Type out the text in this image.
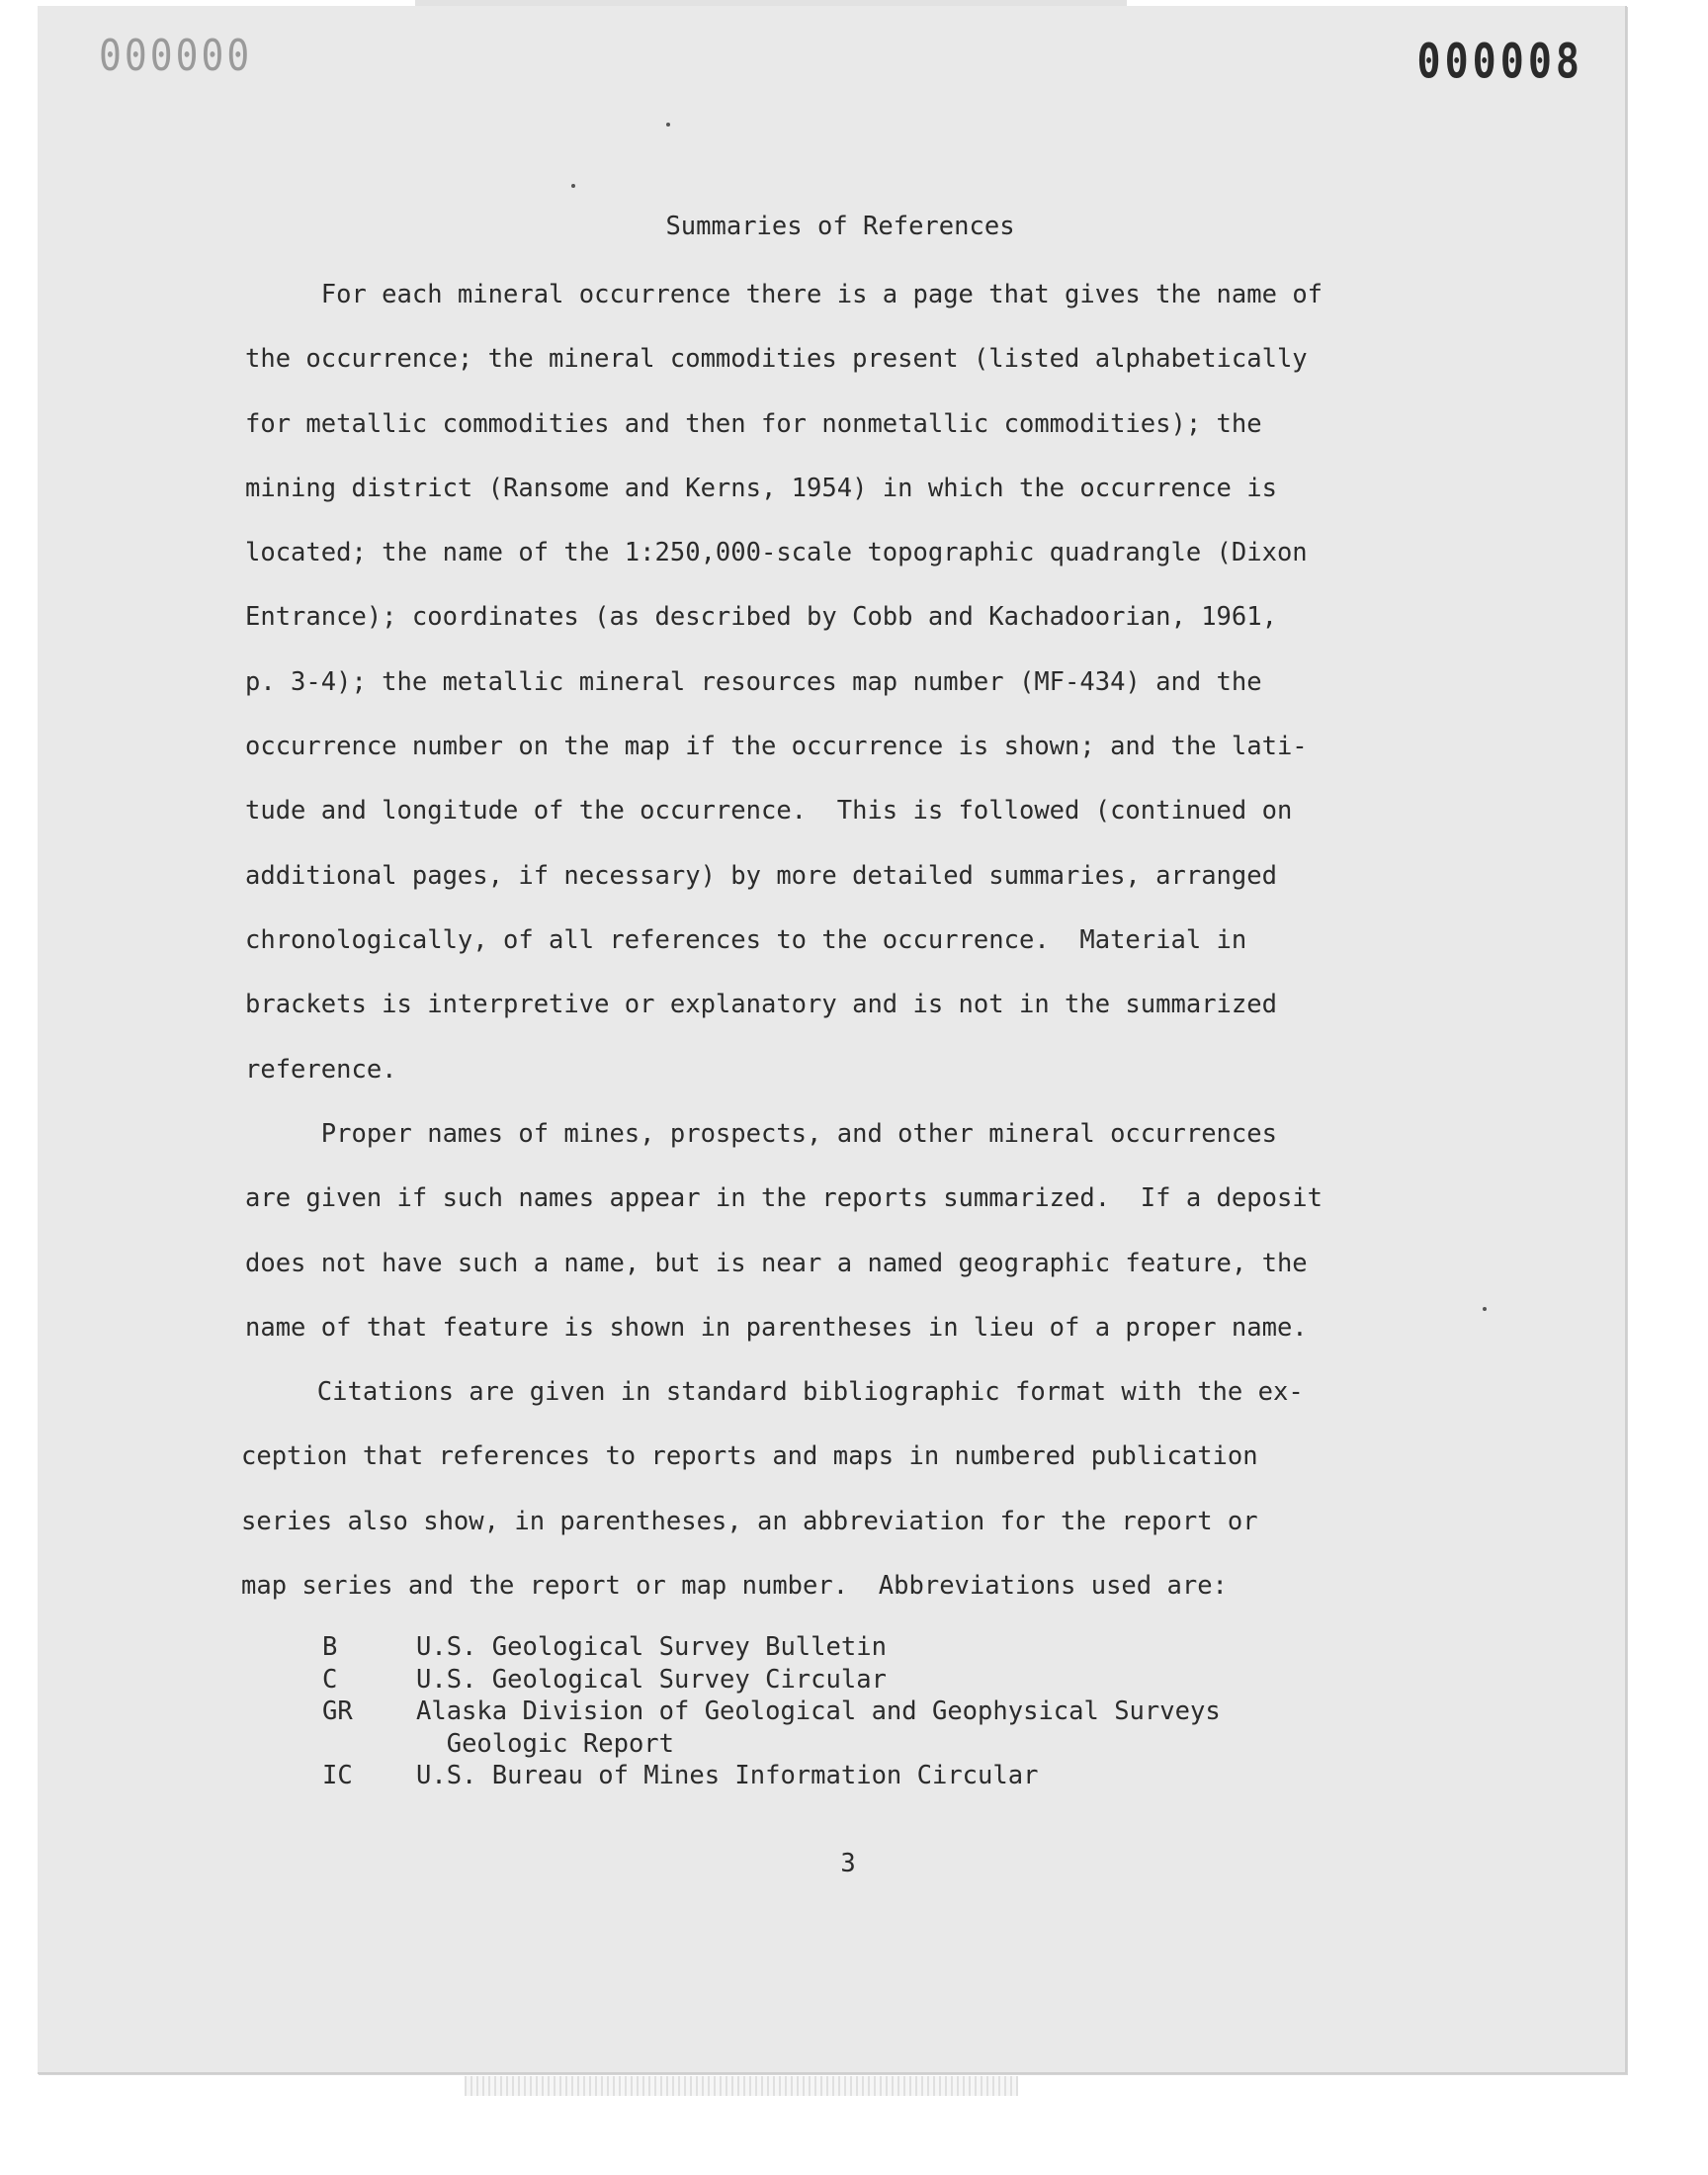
000000	000008
Summaries of References

For each mineral occurrence there is a page that gives the name of
the occurrence; the mineral commodities present (listed alphabetically
for metallic commodities and then for nonmetallic commodities); the
mining district (Ransome and Kerns, 1954) in which the occurrence is
located; the name of the 1:250,000-scale topographic quadrangle (Dixon
Entrance); coordinates (as described by Cobb and Kachadoorian, 1961,
p. 3-4); the metallic mineral resources map number (MF-434) and the
occurrence number on the map if the occurrence is shown; and the lati-
tude and longitude of the occurrence.  This is followed (continued on
additional pages, if necessary) by more detailed summaries, arranged
chronologically, of all references to the occurrence.  Material in
brackets is interpretive or explanatory and is not in the summarized
reference.

Proper names of mines, prospects, and other mineral occurrences
are given if such names appear in the reports summarized.  If a deposit
does not have such a name, but is near a named geographic feature, the
name of that feature is shown in parentheses in lieu of a proper name.

Citations are given in standard bibliographic format with the ex-
ception that references to reports and maps in numbered publication
series also show, in parentheses, an abbreviation for the report or
map series and the report or map number.  Abbreviations used are:

B	U.S. Geological Survey Bulletin
C	U.S. Geological Survey Circular
GR	Alaska Division of Geological and Geophysical Surveys
Geologic Report
IC	U.S. Bureau of Mines Information Circular
3
